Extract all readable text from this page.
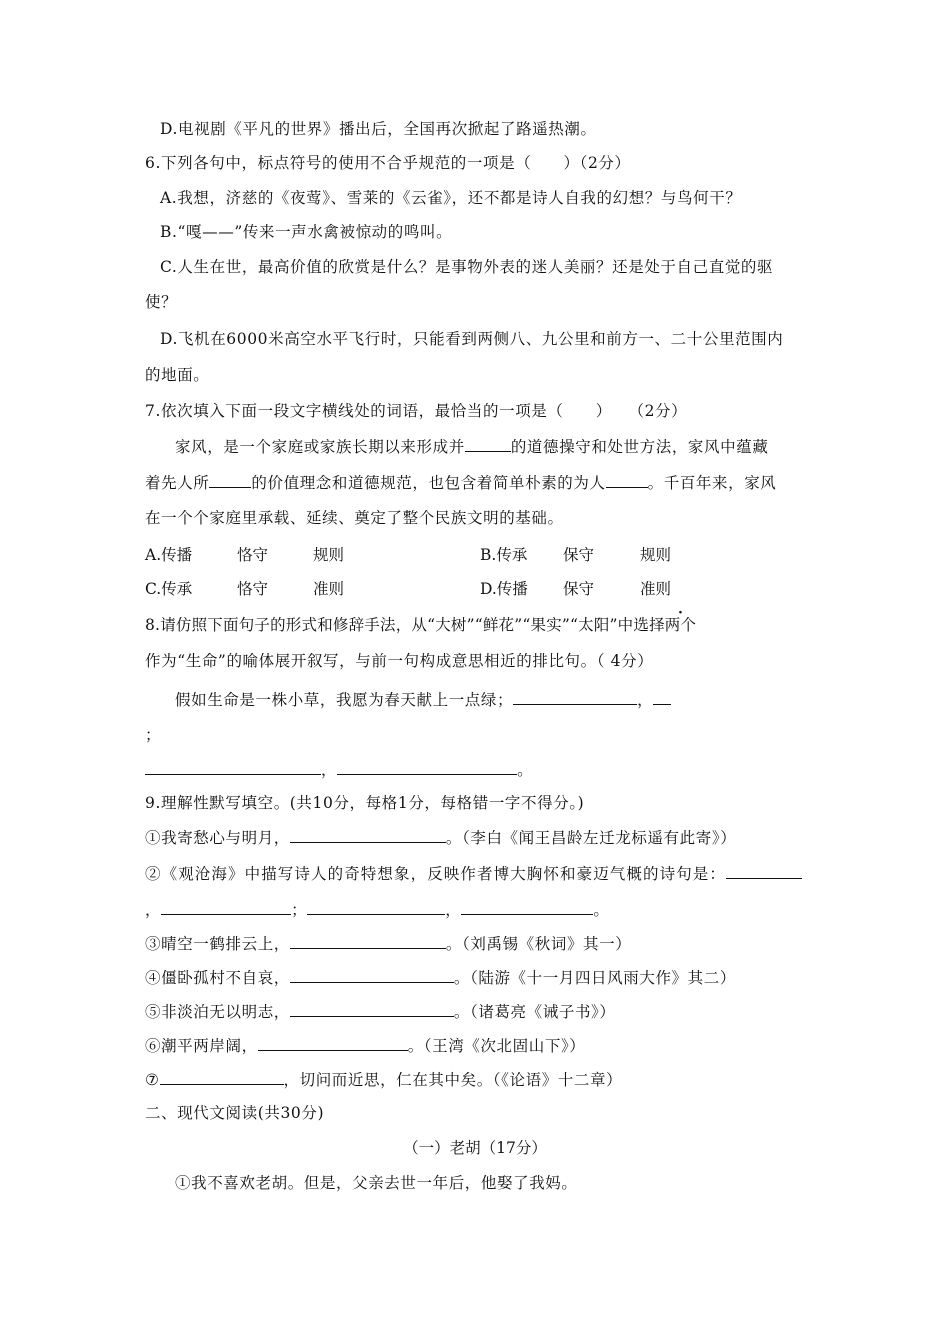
D.电视剧《平凡的世界》播出后，全国再次掀起了路遥热潮。
6.下列各句中，标点符号的使用不合乎规范的一项是（　　）（2分）
A.我想，济慈的《夜莺》、雪莱的《云雀》，还不都是诗人自我的幻想？与鸟何干？
B.“嘎——”传来一声水禽被惊动的鸣叫。
C.人生在世，最高价值的欣赏是什么？是事物外表的迷人美丽？还是处于自己直觉的驱
使？
D.飞机在6000米高空水平飞行时，只能看到两侧八、九公里和前方一、二十公里范围内
的地面。
7.依次填入下面一段文字横线处的词语，最恰当的一项是（　　）　　（2分）
家风，是一个家庭或家族长期以来形成并	的道德操守和处世方法，家风中蕴藏
着先人所	的价值理念和道德规范，也包含着简单朴素的为人	。千百年来，家风
在一个个家庭里承载、延续、奠定了整个民族文明的基础。
A.传播	恪守	规则	B.传承 保守	规则
C.传承	恪守	准则	D.传播 保守	准则
8.请仿照下面句子的形式和修辞手法，从“大树”“鲜花”“果实”“太阳”中选择两个
作为“生命”的喻体展开叙写，与前一句构成意思相近的排比句。（ 4分）
假如生命是一株小草，我愿为春天献上一点绿；	，
；
，	。
9.理解性默写填空。(共10分，每格1分，每格错一字不得分。)
①我寄愁心与明月，	。（李白《闻王昌龄左迁龙标遥有此寄》）
②《观沧海》中描写诗人的奇特想象，反映作者博大胸怀和豪迈气概的诗句是：
，	；	，	。
③晴空一鹤排云上，	。（刘禹锡《秋词》其一）
④僵卧孤村不自哀，	。（陆游《十一月四日风雨大作》其二）
⑤非淡泊无以明志，	。（诸葛亮《诫子书》）
⑥潮平两岸阔，	。（王湾《次北固山下》）
⑦	，切问而近思，仁在其中矣。（《论语》十二章）
二、现代文阅读(共30分)
（一）老胡（17分）
①我不喜欢老胡。但是，父亲去世一年后，他娶了我妈。
